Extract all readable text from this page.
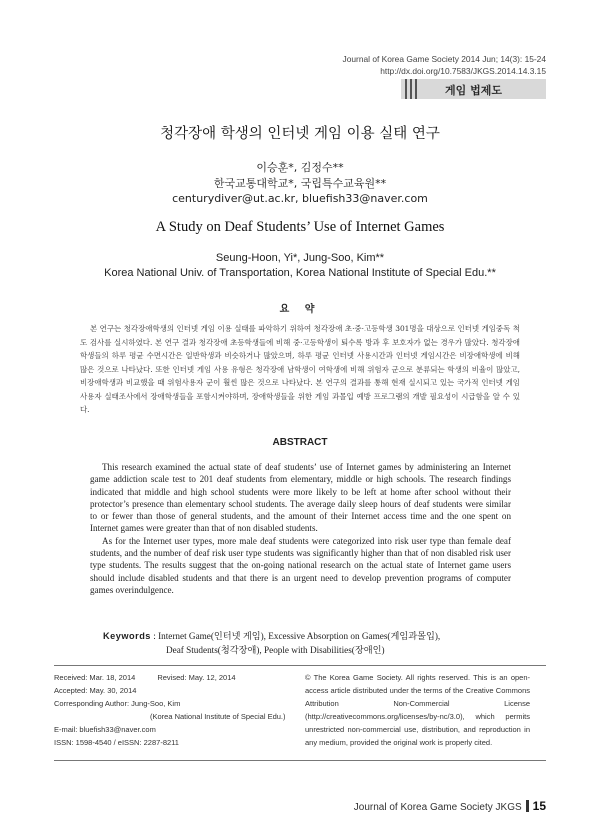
Journal of Korea Game Society 2014 Jun; 14(3): 15-24
http://dx.doi.org/10.7583/JKGS.2014.14.3.15
게임 법제도
청각장애 학생의 인터넷 게임 이용 실태 연구
이승훈*, 김정수**
한국교통대학교*, 국립특수교육원**
centurydiver@ut.ac.kr, bluefish33@naver.com
A Study on Deaf Students’ Use of Internet Games
Seung-Hoon, Yi*, Jung-Soo, Kim**
Korea National Univ. of Transportation, Korea National Institute of Special Edu.**
요 약
본 연구는 청각장애학생의 인터넷 게임 이용 실태를 파악하기 위하여 청각장애 초·중·고등학생 301명을 대상으로 인터넷 게임중독 척도 검사를 실시하였다. 본 연구 결과 청각장애 초등학생들에 비해 중·고등학생이 퇴수록 방과 후 보호자가 없는 경우가 많았다. 청각장애학생들의 하루 평균 수면시간은 일반학생과 비슷하거나 많았으며, 하루 평균 인터넷 사용시간과 인터넷 게임시간은 비장애학생에 비해 많은 것으로 나타났다. 또한 인터넷 게임 사용 유형은 청각장애 남학생이 여학생에 비해 위험자 군으로 분류되는 학생의 비율이 많았고, 비장애학생과 비교했을 때 위험사용자 군이 훨씬 많은 것으로 나타났다. 본 연구의 결과를 통해 현재 실시되고 있는 국가적 인터넷 게임 사용자 실태조사에서 장애학생들을 포함시켜야하며, 장애학생들을 위한 게임 과몰입 예방 프로그램의 개발 필요성이 시급함을 알 수 있다.
ABSTRACT

This research examined the actual state of deaf students’ use of Internet games by administering an Internet game addiction scale test to 201 deaf students from elementary, middle or high schools. The research findings indicated that middle and high school students were more likely to be left at home after school without their protector’s presence than elementary school students. The average daily sleep hours of deaf students were similar to or fewer than those of general students, and the amount of their Internet access time and the one spent on Internet games were greater than that of non disabled students.

As for the Internet user types, more male deaf students were categorized into risk user type than female deaf students, and the number of deaf risk user type students was significantly higher than that of non disabled risk user type students. The results suggest that the on-going national research on the actual state of Internet game users should include disabled students and that there is an urgent need to develop prevention programs of computer games overindulgence.

Keywords : Internet Game(인터넷 게임), Excessive Absorption on Games(게임과몰입),
Deaf Students(청각장애), People with Disabilities(장애인)
Received: Mar. 18, 2014	Revised: May. 12, 2014
Accepted: May. 30, 2014
Corresponding Author: Jung-Soo, Kim
(Korea National Institute of Special Edu.)
E-mail: bluefish33@naver.com
ISSN: 1598-4540 / eISSN: 2287-8211
© The Korea Game Society. All rights reserved. This is an open-access article distributed under the terms of the Creative Commons Attribution Non-Commercial License (http://creativecommons.org/licenses/by-nc/3.0), which permits unrestricted non-commercial use, distribution, and reproduction in any medium, provided the original work is properly cited.
Journal of Korea Game Society JKGS 15
